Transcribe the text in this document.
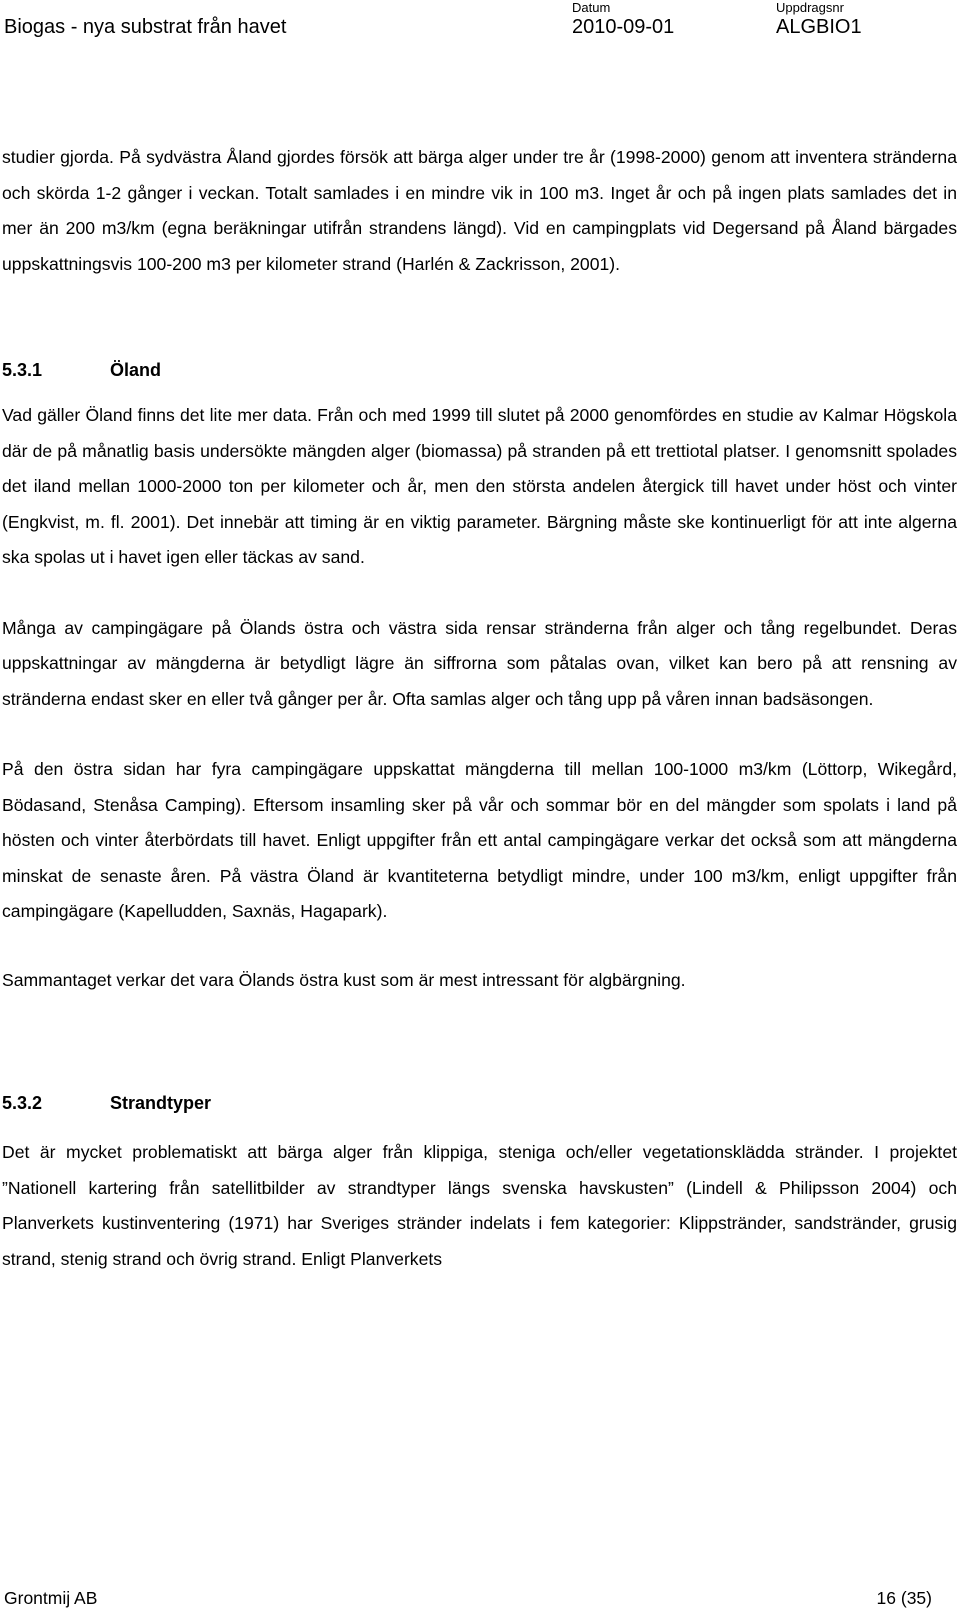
Biogas - nya substrat från havet
Datum
2010-09-01
Uppdragsnr
ALGBIO1

studier gjorda. På sydvästra Åland gjordes försök att bärga alger under tre år (1998-2000) genom att inventera stränderna och skörda 1-2 gånger i veckan. Totalt samlades i en mindre vik in 100 m3. Inget år och på ingen plats samlades det in mer än 200 m3/km (egna beräkningar utifrån strandens längd). Vid en campingplats vid Degersand på Åland bärgades uppskattningsvis 100-200 m3 per kilometer strand (Harlén & Zackrisson, 2001).

5.3.1	Öland

Vad gäller Öland finns det lite mer data. Från och med 1999 till slutet på 2000 genomfördes en studie av Kalmar Högskola där de på månatlig basis undersökte mängden alger (biomassa) på stranden på ett trettiotal platser. I genomsnitt spolades det iland mellan 1000-2000 ton per kilometer och år, men den största andelen återgick till havet under höst och vinter (Engkvist, m. fl. 2001). Det innebär att timing är en viktig parameter. Bärgning måste ske kontinuerligt för att inte algerna ska spolas ut i havet igen eller täckas av sand.

Många av campingägare på Ölands östra och västra sida rensar stränderna från alger och tång regelbundet. Deras uppskattningar av mängderna är betydligt lägre än siffrorna som påtalas ovan, vilket kan bero på att rensning av stränderna endast sker en eller två gånger per år. Ofta samlas alger och tång upp på våren innan badsäsongen.

På den östra sidan har fyra campingägare uppskattat mängderna till mellan 100-1000 m3/km (Löttorp, Wikegård, Bödasand, Stenåsa Camping). Eftersom insamling sker på vår och sommar bör en del mängder som spolats i land på hösten och vinter återbördats till havet. Enligt uppgifter från ett antal campingägare verkar det också som att mängderna minskat de senaste åren. På västra Öland är kvantiteterna betydligt mindre, under 100 m3/km, enligt uppgifter från campingägare (Kapelludden, Saxnäs, Hagapark).

Sammantaget verkar det vara Ölands östra kust som är mest intressant för algbärgning.

5.3.2	Strandtyper

Det är mycket problematiskt att bärga alger från klippiga, steniga och/eller vegetationsklädda stränder. I projektet ”Nationell kartering från satellitbilder av strandtyper längs svenska havskusten” (Lindell & Philipsson 2004) och Planverkets kustinventering (1971) har Sveriges stränder indelats i fem kategorier: Klippstränder, sandstränder, grusig strand, stenig strand och övrig strand. Enligt Planverkets

Grontmij AB	16 (35)
